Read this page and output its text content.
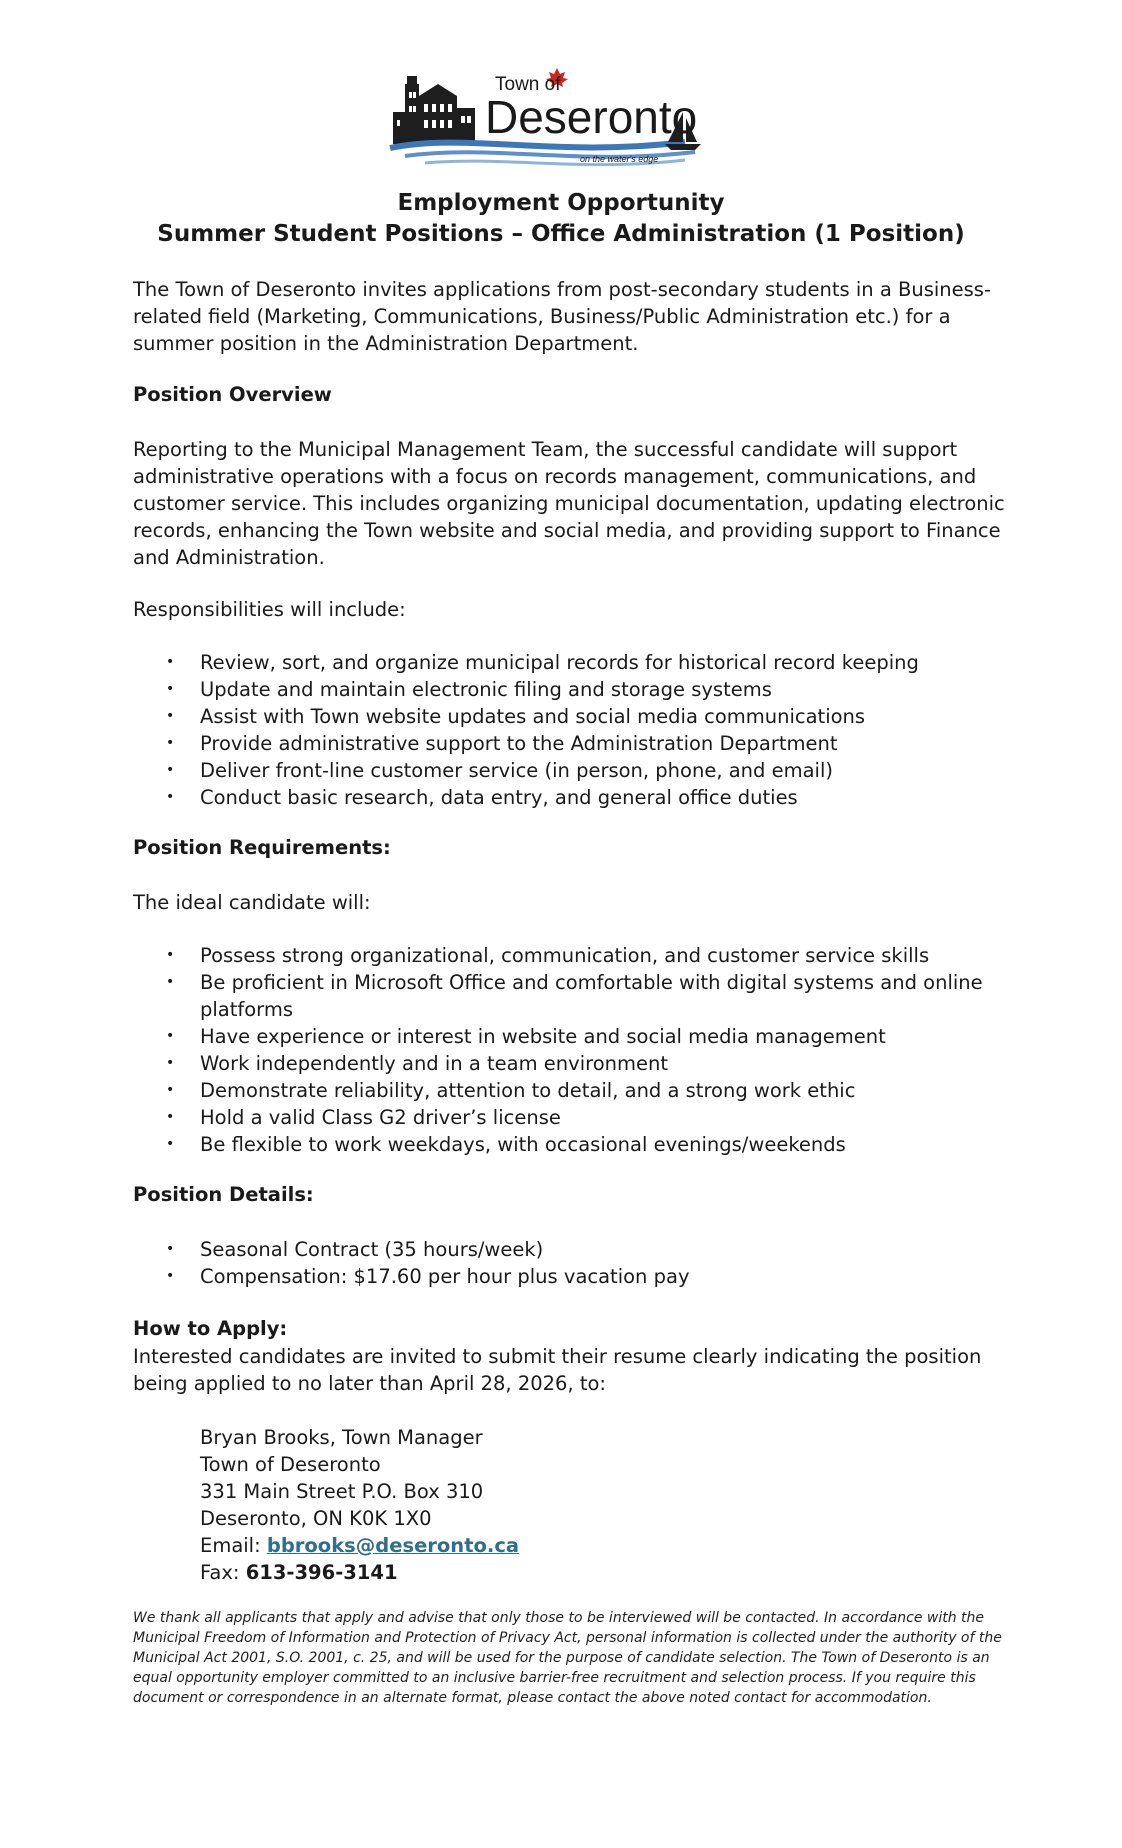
Town of
Deseronto
on the water's edge
Employment Opportunity
Summer Student Positions – Office Administration (1 Position)

The Town of Deseronto invites applications from post-secondary students in a Business-related field (Marketing, Communications, Business/Public Administration etc.) for a summer position in the Administration Department.

Position Overview

Reporting to the Municipal Management Team, the successful candidate will support administrative operations with a focus on records management, communications, and customer service. This includes organizing municipal documentation, updating electronic records, enhancing the Town website and social media, and providing support to Finance and Administration.

Responsibilities will include:

• Review, sort, and organize municipal records for historical record keeping
• Update and maintain electronic filing and storage systems
• Assist with Town website updates and social media communications
• Provide administrative support to the Administration Department
• Deliver front-line customer service (in person, phone, and email)
• Conduct basic research, data entry, and general office duties
Position Requirements:

The ideal candidate will:

• Possess strong organizational, communication, and customer service skills
• Be proficient in Microsoft Office and comfortable with digital systems and online platforms
• Have experience or interest in website and social media management
• Work independently and in a team environment
• Demonstrate reliability, attention to detail, and a strong work ethic
• Hold a valid Class G2 driver’s license
• Be flexible to work weekdays, with occasional evenings/weekends
Position Details:
• Seasonal Contract (35 hours/week)
• Compensation: $17.60 per hour plus vacation pay
How to Apply:

Interested candidates are invited to submit their resume clearly indicating the position being applied to no later than April 28, 2026, to:

Bryan Brooks, Town Manager
Town of Deseronto
331 Main Street P.O. Box 310
Deseronto, ON K0K 1X0
Email: bbrooks@deseronto.ca
Fax: 613-396-3141

We thank all applicants that apply and advise that only those to be interviewed will be contacted. In accordance with the Municipal Freedom of Information and Protection of Privacy Act, personal information is collected under the authority of the Municipal Act 2001, S.O. 2001, c. 25, and will be used for the purpose of candidate selection. The Town of Deseronto is an equal opportunity employer committed to an inclusive barrier-free recruitment and selection process. If you require this document or correspondence in an alternate format, please contact the above noted contact for accommodation.
